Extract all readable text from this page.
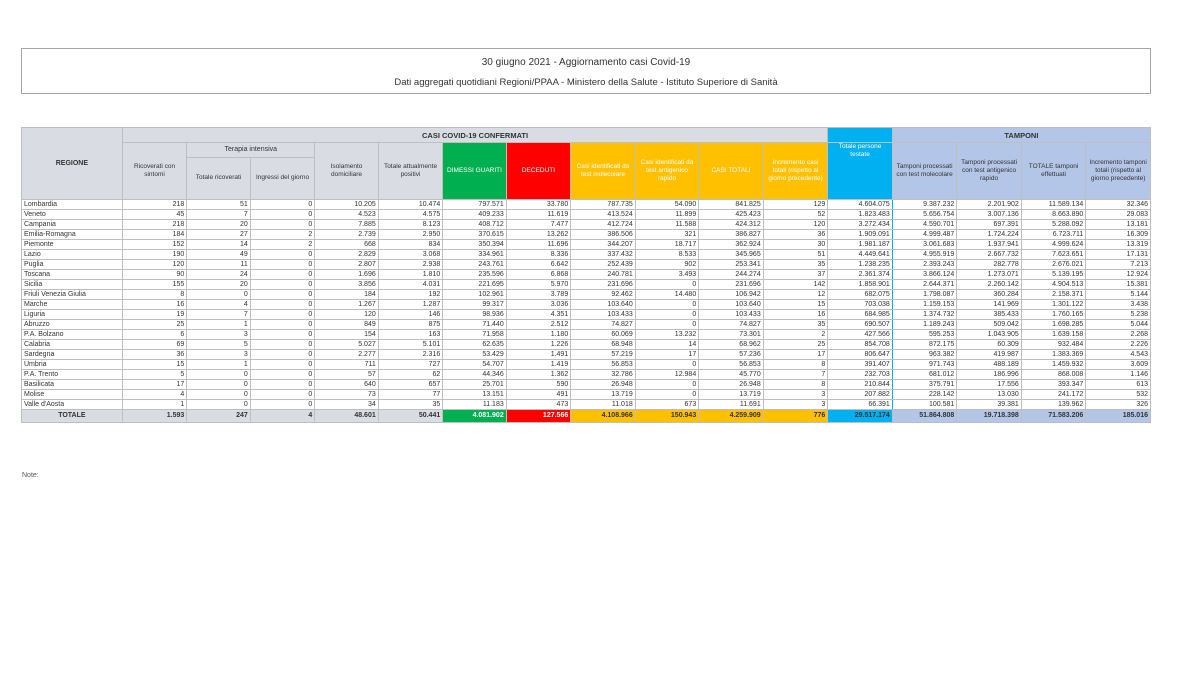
30 giugno 2021 - Aggiornamento casi Covid-19
Dati aggregati quotidiani Regioni/PPAA - Ministero della Salute - Istituto Superiore di Sanità
REGIONE	CASI COVID-19 CONFERMATI												TAMPONI			
	Ricoverati con sintomi	Terapia intensiva		Isolamento domiciliare	Totale attualmente positivi	DIMESSI GUARITI	DECEDUTI	Casi identificati da test molecolare	Casi identificati da test antigenico rapido	CASI TOTALI	Incremento casi totali (rispetto al giorno precedente)	Totale persone testate	Tamponi processati con test molecolare	Tamponi processati con test antigenico rapido	TOTALE tamponi effettuati	Incremento tamponi totali (rispetto al giorno precedente)
		Totale ricoverati	Ingressi del giorno													
Lombardia	218	51	0	10.205	10.474	797.571	33.780	787.735	54.090	841.825	129	4.604.075	9.387.232	2.201.902	11.589.134	32.346
Veneto	45	7	0	4.523	4.575	409.233	11.619	413.524	11.899	425.423	52	1.823.483	5.656.754	3.007.136	8.663.890	29.083
Campania	218	20	0	7.885	8.123	408.712	7.477	412.724	11.588	424.312	120	3.272.434	4.590.701	697.391	5.288.092	13.181
Emilia-Romagna	184	27	2	2.739	2.950	370.615	13.262	386.506	321	386.827	36	1.909.091	4.999.487	1.724.224	6.723.711	16.309
Piemonte	152	14	2	668	834	350.394	11.696	344.207	18.717	362.924	30	1.981.187	3.061.683	1.937.941	4.999.624	13.319
Lazio	190	49	0	2.829	3.068	334.961	8.336	337.432	8.533	345.965	51	4.449.641	4.955.919	2.667.732	7.623.651	17.131
Puglia	120	11	0	2.807	2.938	243.761	6.642	252.439	902	253.341	35	1.238.235	2.393.243	282.778	2.676.021	7.213
Toscana	90	24	0	1.696	1.810	235.596	6.868	240.781	3.493	244.274	37	2.361.374	3.866.124	1.273.071	5.139.195	12.924
Sicilia	155	20	0	3.856	4.031	221.695	5.970	231.696	0	231.696	142	1.858.901	2.644.371	2.260.142	4.904.513	15.381
Friuli Venezia Giulia	8	0	0	184	192	102.961	3.789	92.462	14.480	106.942	12	682.075	1.798.087	360.284	2.158.371	5.144
Marche	16	4	0	1.267	1.287	99.317	3.036	103.640	0	103.640	15	703.038	1.159.153	141.969	1.301.122	3.438
Liguria	19	7	0	120	146	98.936	4.351	103.433	0	103.433	16	684.985	1.374.732	385.433	1.760.165	5.238
Abruzzo	25	1	0	849	875	71.440	2.512	74.827	0	74.827	35	690.507	1.189.243	509.042	1.698.285	5.044
P.A. Bolzano	6	3	0	154	163	71.958	1.180	60.069	13.232	73.301	2	427.566	595.253	1.043.905	1.639.158	2.268
Calabria	69	5	0	5.027	5.101	62.635	1.226	68.948	14	68.962	25	854.708	872.175	60.309	932.484	2.226
Sardegna	36	3	0	2.277	2.316	53.429	1.491	57.219	17	57.236	17	806.647	963.382	419.987	1.383.369	4.543
Umbria	15	1	0	711	727	54.707	1.419	56.853	0	56.853	8	391.407	971.743	488.189	1.459.932	3.609
P.A. Trento	5	0	0	57	62	44.346	1.362	32.786	12.984	45.770	7	232.703	681.012	186.996	868.008	1.146
Basilicata	17	0	0	640	657	25.701	590	26.948	0	26.948	8	210.844	375.791	17.556	393.347	613
Molise	4	0	0	73	77	13.151	491	13.719	0	13.719	3	207.882	228.142	13.030	241.172	532
Valle d'Aosta	1	0	0	34	35	11.183	473	11.018	673	11.691	3	66.391	100.581	39.381	139.962	326
TOTALE	1.593	247	4	48.601	50.441	4.081.902	127.566	4.108.966	150.943	4.259.909	776	29.517.174	51.864.808	19.718.398	71.583.206	185.016
Note:
